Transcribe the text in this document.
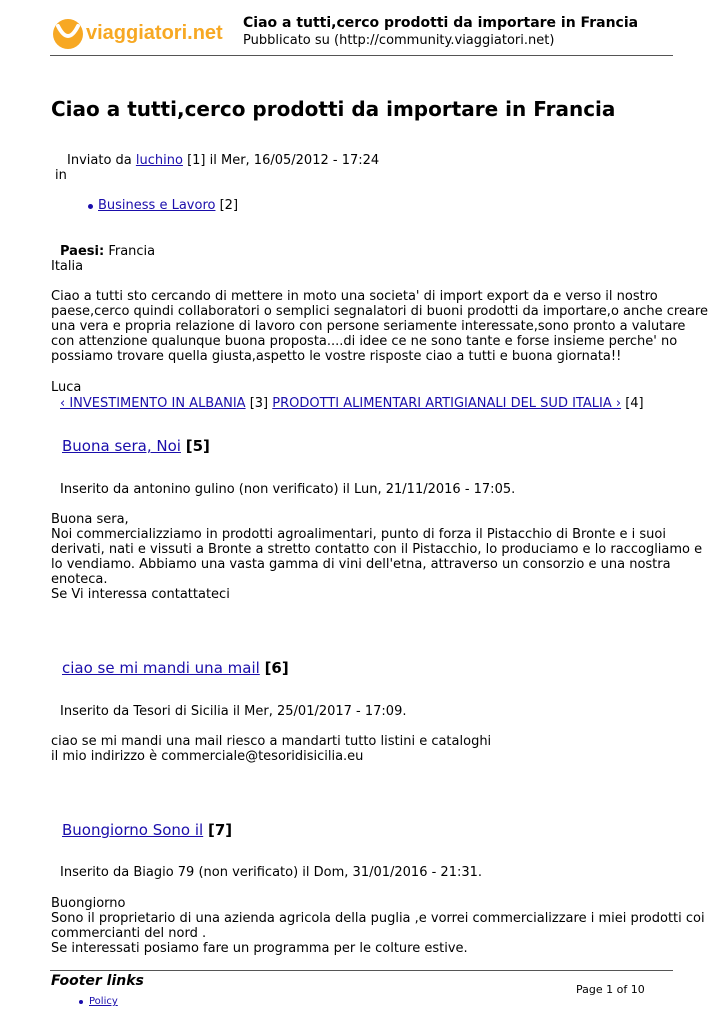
viaggiatori.net Ciao a tutti,cerco prodotti da importare in Francia
Pubblicato su (http://community.viaggiatori.net)
Ciao a tutti,cerco prodotti da importare in Francia
Inviato da luchino [1] il Mer, 16/05/2012 - 17:24
in
Business e Lavoro [2]
Paesi: Francia
Italia
Ciao a tutti sto cercando di mettere in moto una societa' di import export da e verso il nostro
paese,cerco quindi collaboratori o semplici segnalatori di buoni prodotti da importare,o anche creare
una vera e propria relazione di lavoro con persone seriamente interessate,sono pronto a valutare
con attenzione qualunque buona proposta....di idee ce ne sono tante e forse insieme perche' no
possiamo trovare quella giusta,aspetto le vostre risposte ciao a tutti e buona giornata!!
Luca
‹ INVESTIMENTO IN ALBANIA [3] PRODOTTI ALIMENTARI ARTIGIANALI DEL SUD ITALIA › [4]
Buona sera, Noi [5]
Inserito da antonino gulino (non verificato) il Lun, 21/11/2016 - 17:05.
Buona sera,
Noi commercializziamo in prodotti agroalimentari, punto di forza il Pistacchio di Bronte e i suoi
derivati, nati e vissuti a Bronte a stretto contatto con il Pistacchio, lo produciamo e lo raccogliamo e
lo vendiamo. Abbiamo una vasta gamma di vini dell'etna, attraverso un consorzio e una nostra
enoteca.
Se Vi interessa contattateci
ciao se mi mandi una mail [6]
Inserito da Tesori di Sicilia il Mer, 25/01/2017 - 17:09.
ciao se mi mandi una mail riesco a mandarti tutto listini e cataloghi
il mio indirizzo è commerciale@tesoridisicilia.eu
Buongiorno Sono il [7]
Inserito da Biagio 79 (non verificato) il Dom, 31/01/2016 - 21:31.
Buongiorno
Sono il proprietario di una azienda agricola della puglia ,e vorrei commercializzare i miei prodotti coi
commercianti del nord .
Se interessati posiamo fare un programma per le colture estive.
Footer links
Page 1 of 10
Policy
